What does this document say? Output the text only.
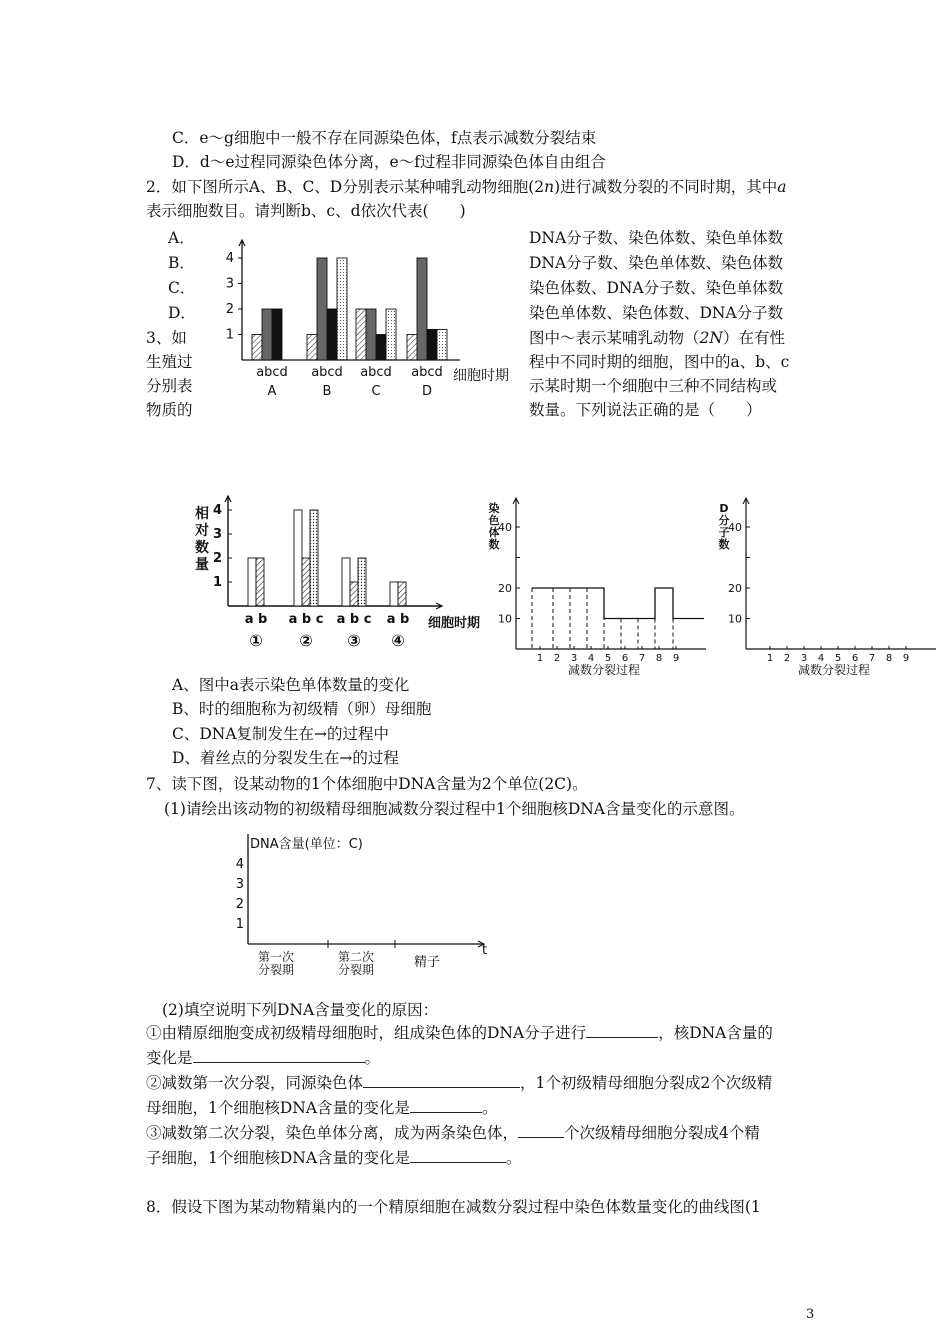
C．e～g细胞中一般不存在同源染色体，f点表示减数分裂结束
D．d～e过程同源染色体分离，e～f过程非同源染色体自由组合
2．如下图所示A、B、C、D分别表示某种哺乳动物细胞(2n)进行减数分裂的不同时期，其中a
表示细胞数目。请判断b、c、d依次代表(　　)
A．
B．
C．
D．
DNA分子数、染色体数、染色单体数
DNA分子数、染色单体数、染色体数
染色体数、DNA分子数、染色单体数
染色单体数、染色体数、DNA分子数
3、如
生殖过
分别表
物质的
图中～表示某哺乳动物（2N）在有性
程中不同时期的细胞，图中的a、b、c
示某时期一个细胞中三种不同结构或
数量。下列说法正确的是（　　）
1
2
3
4
abcd
A
abcd
B
abcd
C
abcd
D
细胞时期
1
2
3
4
相
对
数
量
a b
①
a b c
②
a b c
③
a b
④
细胞时期 10
20
40
1 2 3 4 5 6 7 8 9
减数分裂过程
染
色
体
数
10
20
40
1 2 3 4 5 6 7 8 9
减数分裂过程
D
分
子
数
A、图中a表示染色单体数量的变化
B、时的细胞称为初级精（卵）母细胞
C、DNA复制发生在→的过程中
D、着丝点的分裂发生在→的过程
7、读下图，设某动物的1个体细胞中DNA含量为2个单位(2C)。
(1)请绘出该动物的初级精母细胞减数分裂过程中1个细胞核DNA含量变化的示意图。
DNA含量(单位：C)
1
2
3
4
第一次
分裂期
第二次
分裂期	精子
t
(2)填空说明下列DNA含量变化的原因：
①由精原细胞变成初级精母细胞时，组成染色体的DNA分子进行	，核DNA含量的
变化是	。
②减数第一次分裂，同源染色体	，1个初级精母细胞分裂成2个次级精
母细胞，1个细胞核DNA含量的变化是	。
③减数第二次分裂，染色单体分离，成为两条染色体，	个次级精母细胞分裂成4个精
子细胞，1个细胞核DNA含量的变化是	。
8．假设下图为某动物精巢内的一个精原细胞在减数分裂过程中染色体数量变化的曲线图(1
3
